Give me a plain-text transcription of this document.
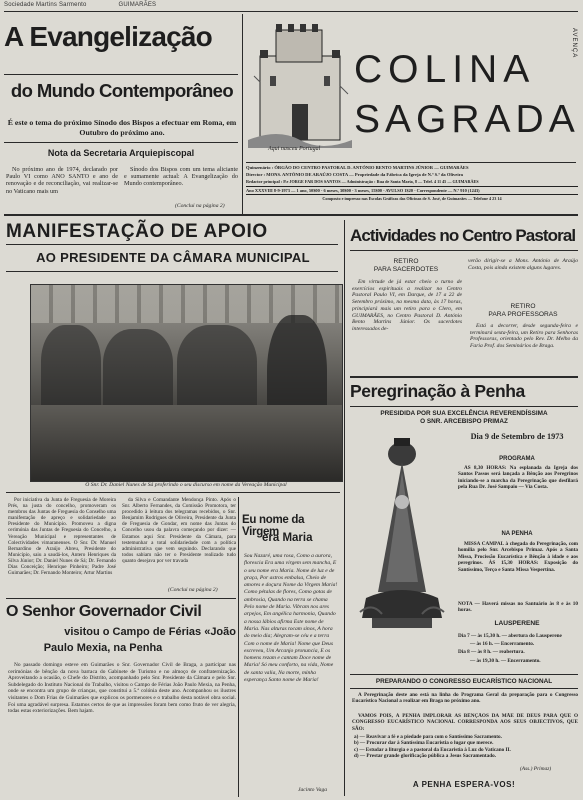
Sociedade Martins Sarmento	GUIMARÃES
A Evangelização
do Mundo Contemporâneo
É este o tema do próximo Sínodo dos Bispos a efectuar em Roma, em Outubro do próximo ano.
Nota da Secretaria Arquiepiscopal

No próximo ano de 1974, declarado por Paulo VI como ANO SANTO e ano de renovação e de reconciliação, vai realizar-se no Vaticano mais um

Sínodo dos Bispos com um tema aliciante e sumamente actual: A Evangelização do Mundo contemporâneo.

(Conclui na página 2)
Aqui nasceu Portugal
COLINA
SAGRADA
AVENÇA
Quinzenário : ÓRGÃO DO CENTRO PASTORAL D. ANTÓNIO BENTO MARTINS JÚNIOR — GUIMARÃES
Director : MONS. ANTÓNIO DE ARAÚJO COSTA — Propriedade da Fábrica da Igreja de N.ª S.ª da Oliveira
Redactor principal : P.e JORGE FAR DOS SANTOS — Administração : Rua de Santa Maria, 8 — Telef. 4 11 45 — GUIMARÃES
Ano XXXVIII 8-9-1973 — 1 ano, 50$00 - 6 meses, 30$00 - 3 meses, 15$00 - AVULSO 1$20 - Correspondente — N.º 910 (1243)
Composto e impresso nas Escolas Gráficas das Oficinas de S. José, de Guimarães — Telefone 4 23 14
MANIFESTAÇÃO DE APOIO
AO PRESIDENTE DA CÂMARA MUNICIPAL
O Snr. Dr. Daniel Nunes de Sá proferindo o seu discurso em nome da Vereação Municipal

Por iniciativa da Junta de Freguesia de Moreira Prés, na justa do concelho, promoveram os membros das Juntas de Freguesia do Conselho uma manifestação de apreço e solidariedade ao Presidente do Município. Promoveu a digna cerimónia das Juntas de Freguesia do Concelho, a Vereação Municipal e representantes de Colectividades vimaranenses. O Snr. Dr. Manuel Bernardino de Araújo Abreu, Presidente do Município, saiu a saudá-los, Antero Henriques da Silva Júnior; Dr. Daniel Nunes de Sá; Dr. Fernando Dias Conceição; Henrique Pinheiro; Padre José Guimarães; Dr. Fernando Monteiro; Artur Martins

da Silva e Comandante Mendonça Pinto. Após o Snr. Alberto Fernandes, da Comissão Promotora, ter procedido à leitura dos telegramas recebidos, o Snr. Benjamim Rodrigues de Oliveira, Presidente da Junta de Freguesia de Gondar, em nome das Juntas do Concelho usou da palavra começando por dizer: — Estamos aqui Snr. Presidente da Câmara, para testemunhar a total solidariedade com a política administrativa que vem seguindo. Declarando que todos sabiam não ter o Presidente realizado tudo quanto desejava por ver travada

(Conclui na página 2)
Eu nome da Virgem
era Maria

Sou Nazaré, uma rosa, Como a aurora, florescia Era uma virgem sem mancha, E o seu nome era Maria. Nome de luz e de graça, Por astros embalsa, Cheio de amores e doçura Nome da Virgem Maria! Como pétalas de flores, Como gotas de ambrosia, Quando na terra se chama Pelo nome de Maria. Vibram nos ares arpejos, Em angélica harmonia, Quando a nossa lábios afirma Este nome de Maria. Nas alturas tocam sinos, A hora do meio dia; Alegram-se céu e a terra Com o nome de Maria! Nome que Deus escreveu, Um Arcanjo pronuncia, E os homens rezam e cantam Doce nome de Maria! Só meu conforto, na vida, Nome de santa valia, Na morte, minha esperança Santo nome de Maria!

Jacinto Vaga
O Senhor Governador Civil
visitou o Campo de Férias «João
Paulo Mexia, na Penha

No passado domingo esteve em Guimarães o Snr. Governador Civil de Braga, a participar nas cerimónias de bênção da nova barraca do Gabinete de Turismo e no almoço de confraternização. Aproveitando a ocasião, o Chefe do Distrito, acompanhado pelo Snr. Presidente da Câmara e pelo Snr. Subdelegado do Instituto Nacional do Trabalho, visitou o Campo de Férias João Paulo Mexia, na Penha, onde se encontra um grupo de crianças, que constitui a 5.ª colónia deste ano. Acompanhou os ilustres visitantes o Dom Frias de Guimarães que explicou os pormenores e o trabalho desta notável obra social. Foi uma agradável surpresa. Estamos certos de que as impressões foram bem como fruto de ver alegria, todas estas exteriorizações. Bem hajam.

Actividades no Centro Pastoral
RETIRO
PARA SACERDOTES

Em virtude de já estar cheio o turno de exercícios espirituais a realizar no Centro Pastoral Paulo VI, em Darque, de 17 a 22 de Setembro próximo, na mesma data, às 17 horas, principiará mais um retiro para o Clero, em GUIMARÃES, no Centro Pastoral D. António Bento Martins Júnior. Os sacerdotes interessados de-

verão dirigir-se a Mons. António de Araújo Costa, pois ainda existem alguns lugares.

RETIRO
PARA PROFESSORAS

Está a decorrer, desde segunda-feira e terminará sexta-feira, um Retiro para Senhoras Professoras, orientado pelo Rev. Dr. Melho da Faria Prof. dos Seminários de Braga.

Peregrinação à Penha
PRESIDIDA POR SUA EXCELÊNCIA REVERENDÍSSIMA
O SNR. ARCEBISPO PRIMAZ
Dia 9 de Setembro de 1973
PROGRAMA

ÀS 8,30 HORAS: Na esplanada da Igreja dos Santos Passos será lançada a Bênção aos Peregrinos iniciando-se a marcha da Peregrinação que desfilará pela Rua Dr. José Sampaio — Via Costa.

NA PENHA

MISSA CAMPAL à chegada do Peregrinação, com homilia pelo Snr. Arcebispo Primaz. Após a Santa Missa, Procissão Eucarística e Bênção à idade e aos peregrinos. ÀS 15,30 HORAS: Exposição do Santíssimo, Terço e Santa Missa Vespertina.

NOTA — Haverá missas no Santuário às 8 e às 10 horas.

LAUSPERENE
Dia 7 — às 15,30 h. — abertura do Lausperene
— às 16 h. — Encerramento.
Dia 8 — às 8 h. — reabertura.
— às 19,30 h. — Encerramento.
PREPARANDO O CONGRESSO EUCARÍSTICO NACIONAL

A Peregrinação deste ano está na linha do Programa Geral da preparação para o Congresso Eucarístico Nacional a realizar em Braga no próximo ano.

VAMOS POIS, À PENHA IMPLORAR AS BÊNÇÃOS DA MÃE DE DEUS PARA QUE O CONGRESSO EUCARÍSTICO NACIONAL CORRESPONDA AOS SEUS OBJECTIVOS, QUE SÃO:

a) — Reavivar a fé e a piedade para com o Santíssimo Sacramento.
b) — Procurar dar à Santíssima Eucaristia o lugar que merece.
c) — Estudar a liturgia e a pastoral da Eucaristia à Luz do Vaticano II.
d) — Prestar grande glorificação pública a Jesus Sacramentado.
(Ass.) Primaz)
A PENHA ESPERA-VOS!
